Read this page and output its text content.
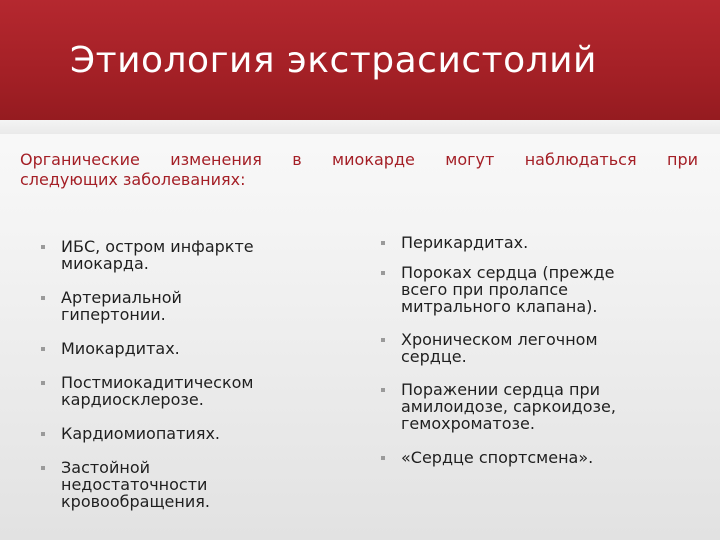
Этиология экстрасистолий

Органические изменения в миокарде могут наблюдаться при
следующих заболеваниях:

ИБС, остром инфаркте миокарда.
Артериальной гипертонии.
Миокардитах.
Постмиокадитическом кардиосклерозе.
Кардиомиопатиях.
Застойной недостаточности кровообращения.
Перикардитах.
Пороках сердца (прежде всего при пролапсе митрального клапана).
Хроническом легочном сердце.
Поражении сердца при амилоидозе, саркоидозе, гемохроматозе.
«Сердце спортсмена».
